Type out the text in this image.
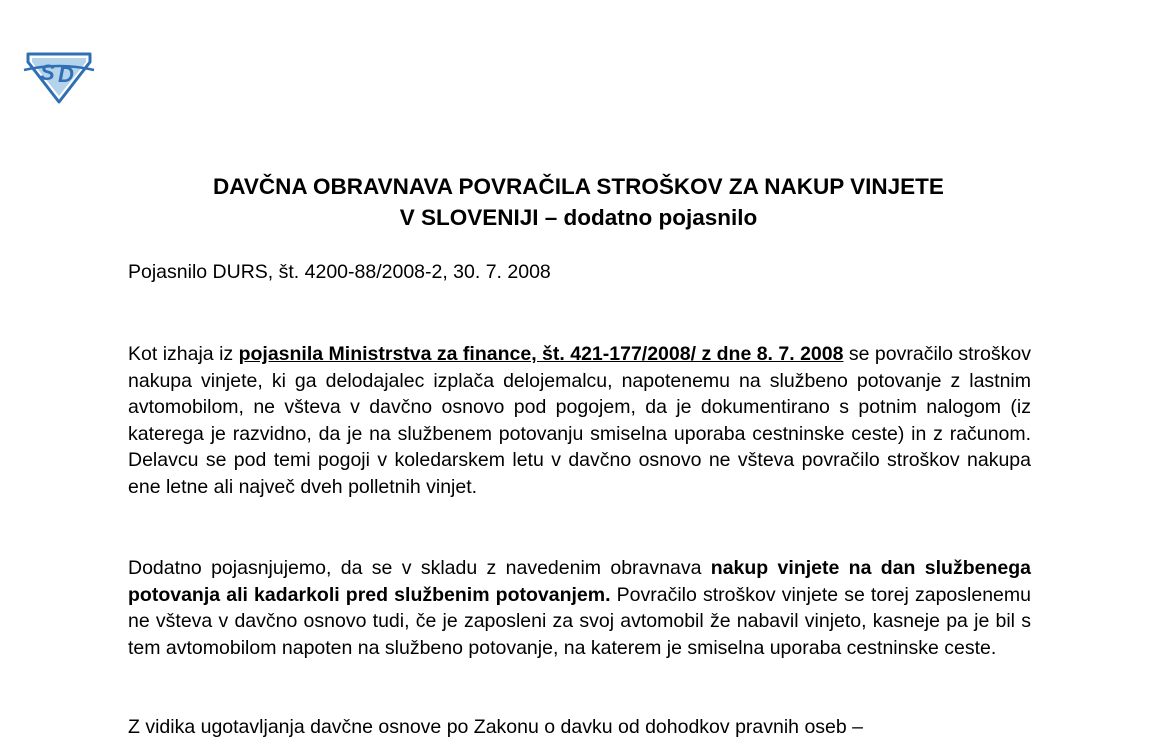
S D
DAVČNA OBRAVNAVA POVRAČILA STROŠKOV ZA NAKUP VINJETE
V SLOVENIJI – dodatno pojasnilo

Pojasnilo DURS, št. 4200-88/2008-2, 30. 7. 2008

Kot izhaja iz pojasnila Ministrstva za finance, št. 421-177/2008/ z dne 8. 7. 2008 se povračilo stroškov nakupa vinjete, ki ga delodajalec izplača delojemalcu, napotenemu na službeno potovanje z lastnim avtomobilom, ne všteva v davčno osnovo pod pogojem, da je dokumentirano s potnim nalogom (iz katerega je razvidno, da je na službenem potovanju smiselna uporaba cestninske ceste) in z računom. Delavcu se pod temi pogoji v koledarskem letu v davčno osnovo ne všteva povračilo stroškov nakupa ene letne ali največ dveh polletnih vinjet.

Dodatno pojasnjujemo, da se v skladu z navedenim obravnava nakup vinjete na dan službenega potovanja ali kadarkoli pred službenim potovanjem. Povračilo stroškov vinjete se torej zaposlenemu ne všteva v davčno osnovo tudi, če je zaposleni za svoj avtomobil že nabavil vinjeto, kasneje pa je bil s tem avtomobilom napoten na službeno potovanje, na katerem je smiselna uporaba cestninske ceste.

Z vidika ugotavljanja davčne osnove po Zakonu o davku od dohodkov pravnih oseb –
